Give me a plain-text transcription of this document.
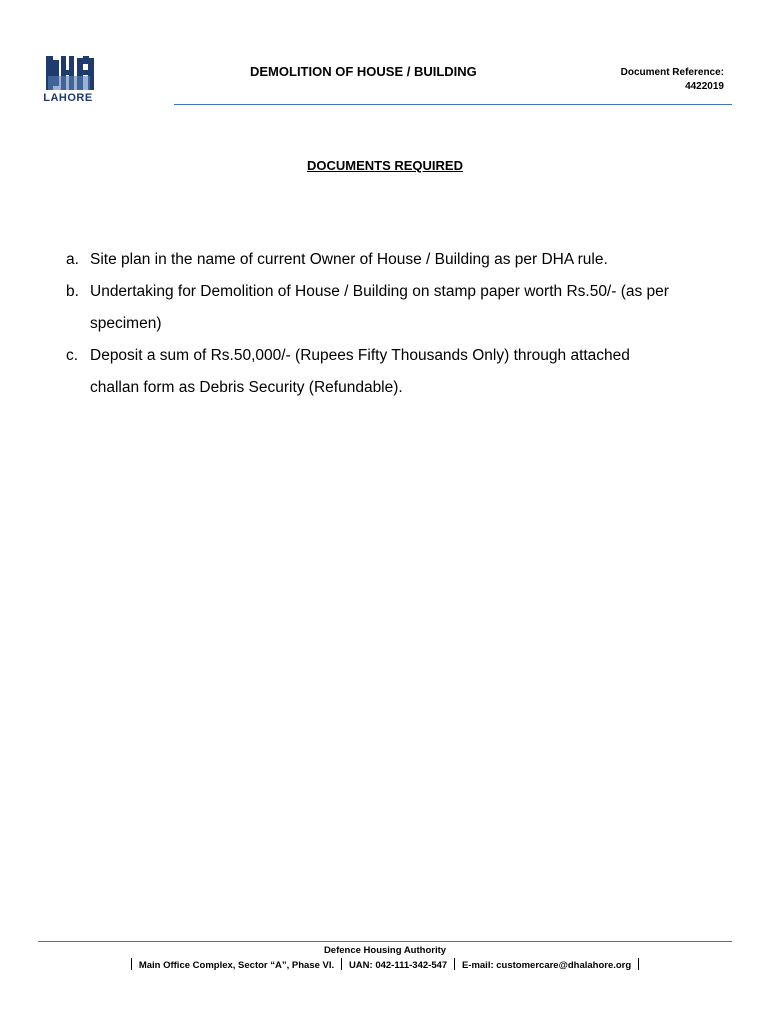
LAHORE
DEMOLITION OF HOUSE / BUILDING	Document Reference:
4422019
DOCUMENTS REQUIRED
a. Site plan in the name of current Owner of House / Building as per DHA rule.
b. Undertaking for Demolition of House / Building on stamp paper worth Rs.50/- (as per specimen)
c. Deposit a sum of Rs.50,000/- (Rupees Fifty Thousands Only) through attached challan form as Debris Security (Refundable).
Defence Housing Authority
Main Office Complex, Sector “A”, Phase VI. UAN: 042-111-342-547 E-mail: customercare@dhalahore.org
